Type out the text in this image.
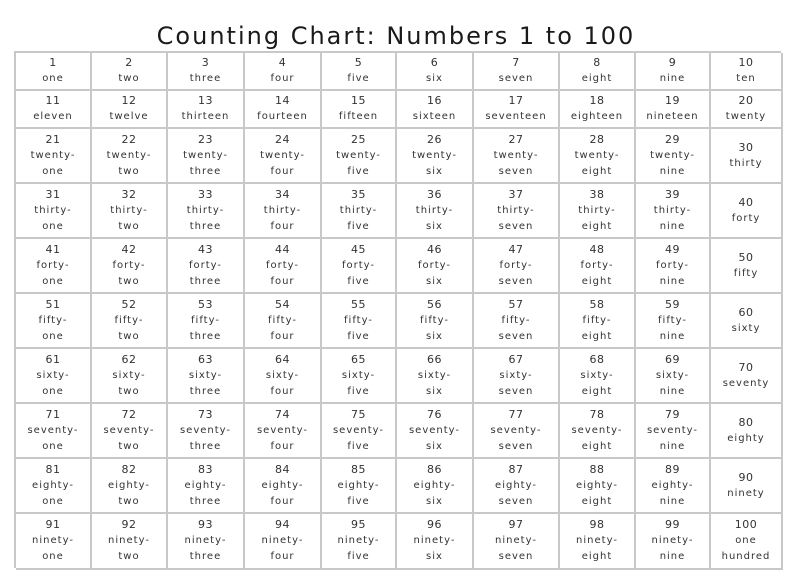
Counting Chart: Numbers 1 to 100
1
one
2
two
3
three
4
four
5
five
6
six
7
seven
8
eight
9
nine
10
ten
11
eleven
12
twelve
13
thirteen
14
fourteen
15
fifteen
16
sixteen
17
seventeen
18
eighteen
19
nineteen
20
twenty
21
twenty-
one
22
twenty-
two
23
twenty-
three
24
twenty-
four
25
twenty-
five
26
twenty-
six
27
twenty-
seven
28
twenty-
eight
29
twenty-
nine
30
thirty
31
thirty-
one
32
thirty-
two
33
thirty-
three
34
thirty-
four
35
thirty-
five
36
thirty-
six
37
thirty-
seven
38
thirty-
eight
39
thirty-
nine
40
forty
41
forty-
one
42
forty-
two
43
forty-
three
44
forty-
four
45
forty-
five
46
forty-
six
47
forty-
seven
48
forty-
eight
49
forty-
nine
50
fifty
51
fifty-
one
52
fifty-
two
53
fifty-
three
54
fifty-
four
55
fifty-
five
56
fifty-
six
57
fifty-
seven
58
fifty-
eight
59
fifty-
nine
60
sixty
61
sixty-
one
62
sixty-
two
63
sixty-
three
64
sixty-
four
65
sixty-
five
66
sixty-
six
67
sixty-
seven
68
sixty-
eight
69
sixty-
nine
70
seventy
71
seventy-
one
72
seventy-
two
73
seventy-
three
74
seventy-
four
75
seventy-
five
76
seventy-
six
77
seventy-
seven
78
seventy-
eight
79
seventy-
nine
80
eighty
81
eighty-
one
82
eighty-
two
83
eighty-
three
84
eighty-
four
85
eighty-
five
86
eighty-
six
87
eighty-
seven
88
eighty-
eight
89
eighty-
nine
90
ninety
91
ninety-
one
92
ninety-
two
93
ninety-
three
94
ninety-
four
95
ninety-
five
96
ninety-
six
97
ninety-
seven
98
ninety-
eight
99
ninety-
nine
100
one
hundred
